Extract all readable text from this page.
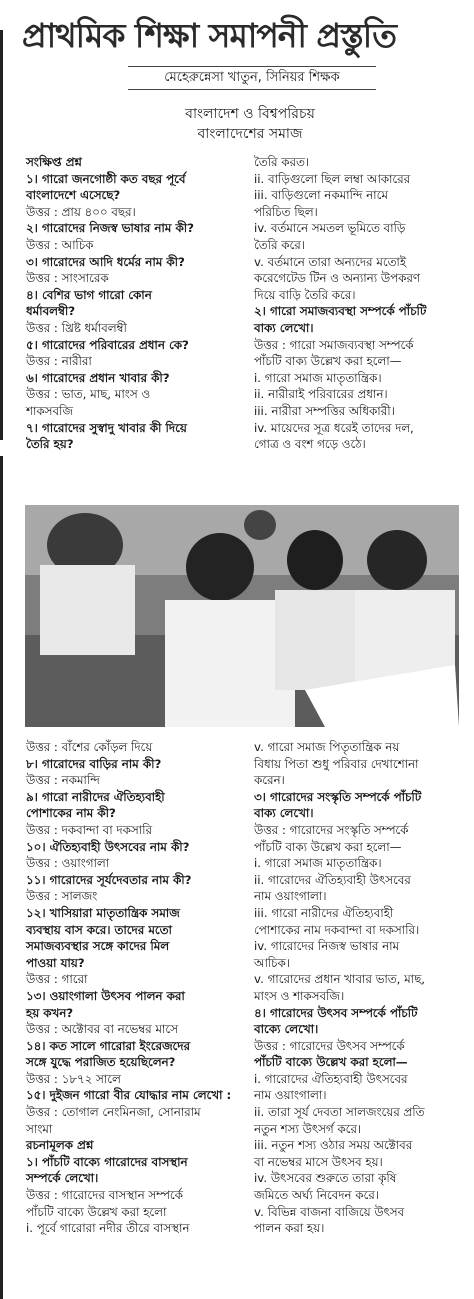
প্রাথমিক শিক্ষা সমাপনী প্রস্তুতি
মেহেরুন্নেসা খাতুন, সিনিয়র শিক্ষক
বাংলাদেশ ও বিশ্বপরিচয়
বাংলাদেশের সমাজ
সংক্ষিপ্ত প্রশ্ন
১। গারো জনগোষ্ঠী কত বছর পূর্বে
বাংলাদেশে এসেছে?
উত্তর : প্রায় ৪০০ বছর।
২। গারোদের নিজস্ব ভাষার নাম কী?
উত্তর : আচিক
৩। গারোদের আদি ধর্মের নাম কী?
উত্তর : সাংসারেক
৪। বেশির ভাগ গারো কোন
ধর্মাবলম্বী?
উত্তর : খ্রিষ্ট ধর্মাবলম্বী
৫। গারোদের পরিবারের প্রধান কে?
উত্তর : নারীরা
৬। গারোদের প্রধান খাবার কী?
উত্তর : ভাত, মাছ, মাংস ও
শাকসবজি
৭। গারোদের সুস্বাদু খাবার কী দিয়ে
তৈরি হয়?
তৈরি করত।
ii. বাড়িগুলো ছিল লম্বা আকারের
iii. বাড়িগুলো নকমান্দি নামে
পরিচিত ছিল।
iv. বর্তমানে সমতল ভূমিতে বাড়ি
তৈরি করে।
v. বর্তমানে তারা অন্যদের মতোই
করেগেটেড টিন ও অন্যান্য উপকরণ
দিয়ে বাড়ি তৈরি করে।
২। গারো সমাজব্যবস্থা সম্পর্কে পাঁচটি
বাক্য লেখো।
উত্তর : গারো সমাজব্যবস্থা সম্পর্কে
পাঁচটি বাক্য উল্লেখ করা হলো—
i. গারো সমাজ মাতৃতান্ত্রিক।
ii. নারীরাই পরিবারের প্রধান।
iii. নারীরা সম্পত্তির অধিকারী।
iv. মায়েদের সূত্র ধরেই তাদের দল,
গোত্র ও বংশ গড়ে ওঠে।
উত্তর : বাঁশের কোঁড়ল দিয়ে
৮। গারোদের বাড়ির নাম কী?
উত্তর : নকমান্দি
৯। গারো নারীদের ঐতিহ্যবাহী
পোশাকের নাম কী?
উত্তর : দকবান্দা বা দকসারি
১০। ঐতিহ্যবাহী উৎসবের নাম কী?
উত্তর : ওয়াংগালা
১১। গারোদের সূর্যদেবতার নাম কী?
উত্তর : সালজং
১২। খাসিয়ারা মাতৃতান্ত্রিক সমাজ
ব্যবস্থায় বাস করে। তাদের মতো
সমাজব্যবস্থার সঙ্গে কাদের মিল
পাওয়া যায়?
উত্তর : গারো
১৩। ওয়াংগালা উৎসব পালন করা
হয় কখন?
উত্তর : অক্টোবর বা নভেম্বর মাসে
১৪। কত সালে গারোরা ইংরেজদের
সঙ্গে যুদ্ধে পরাজিত হয়েছিলেন?
উত্তর : ১৮৭২ সালে
১৫। দুইজন গারো বীর যোদ্ধার নাম লেখো :
উত্তর : তোগাল নেংমিনজা, সোনারাম
সাংমা
রচনামূলক প্রশ্ন
১। পাঁচটি বাক্যে গারোদের বাসস্থান
সম্পর্কে লেখো।
উত্তর : গারোদের বাসস্থান সম্পর্কে
পাঁচটি বাক্যে উল্লেখ করা হলো
i. পূর্বে গারোরা নদীর তীরে বাসস্থান
v. গারো সমাজ পিতৃতান্ত্রিক নয়
বিধায় পিতা শুধু পরিবার দেখাশোনা
করেন।
৩। গারোদের সংস্কৃতি সম্পর্কে পাঁচটি
বাক্য লেখো।
উত্তর : গারোদের সংস্কৃতি সম্পর্কে
পাঁচটি বাক্য উল্লেখ করা হলো—
i. গারো সমাজ মাতৃতান্ত্রিক।
ii. গারোদের ঐতিহ্যবাহী উৎসবের
নাম ওয়াংগালা।
iii. গারো নারীদের ঐতিহ্যবাহী
পোশাকের নাম দকবান্দা বা দকসারি।
iv. গারোদের নিজস্ব ভাষার নাম
আচিক।
v. গারোদের প্রধান খাবার ভাত, মাছ,
মাংস ও শাকসবজি।
৪। গারোদের উৎসব সম্পর্কে পাঁচটি
বাক্যে লেখো।
উত্তর : গারোদের উৎসব সম্পর্কে
পাঁচটি বাক্যে উল্লেখ করা হলো—
i. গারোদের ঐতিহ্যবাহী উৎসবের
নাম ওয়াংগালা।
ii. তারা সূর্য দেবতা সালজংয়ের প্রতি
নতুন শস্য উৎসর্গ করে।
iii. নতুন শস্য ওঠার সময় অক্টোবর
বা নভেম্বর মাসে উৎসব হয়।
iv. উৎসবের শুরুতে তারা কৃষি
জমিতে অর্ঘ্য নিবেদন করে।
v. বিভিন্ন বাজনা বাজিয়ে উৎসব
পালন করা হয়।
